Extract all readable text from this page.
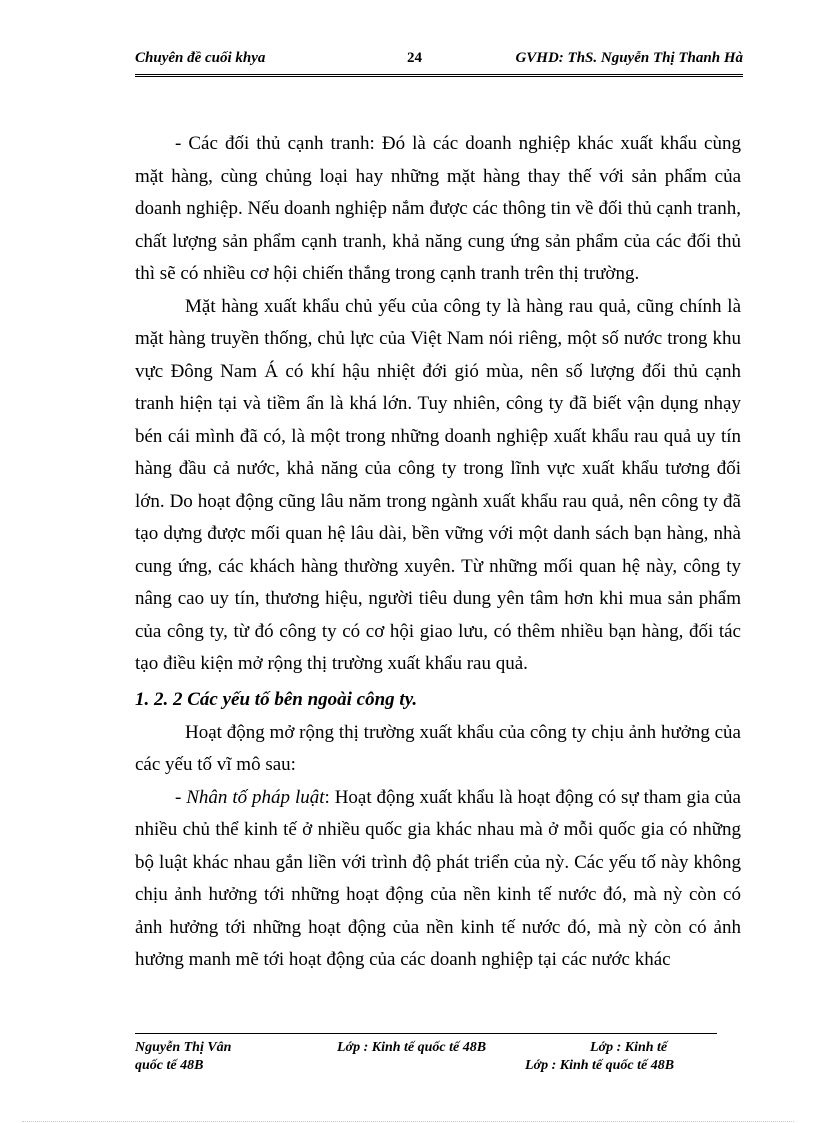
Chuyên đề cuối khya	24	GVHD: ThS. Nguyễn Thị Thanh Hà

- Các đối thủ cạnh tranh: Đó là các doanh nghiệp khác xuất khẩu cùng mặt hàng, cùng chủng loại hay những mặt hàng thay thế với sản phẩm của doanh nghiệp. Nếu doanh nghiệp nắm được các thông tin về đối thủ cạnh tranh, chất lượng sản phẩm cạnh tranh, khả năng cung ứng sản phẩm của các đối thủ thì sẽ có nhiều cơ hội chiến thắng trong cạnh tranh trên thị trường.

Mặt hàng xuất khẩu chủ yếu của công ty là hàng rau quả, cũng chính là mặt hàng truyền thống, chủ lực của Việt Nam nói riêng, một số nước trong khu vực Đông Nam Á có khí hậu nhiệt đới gió mùa, nên số lượng đối thủ cạnh tranh hiện tại và tiềm ẩn là khá lớn. Tuy nhiên, công ty đã biết vận dụng nhạy bén cái mình đã có, là một trong những doanh nghiệp xuất khẩu rau quả uy tín hàng đầu cả nước, khả năng của công ty trong lĩnh vực xuất khẩu tương đối lớn. Do hoạt động cũng lâu năm trong ngành xuất khẩu rau quả, nên công ty đã tạo dựng được mối quan hệ lâu dài, bền vững với một danh sách bạn hàng, nhà cung ứng, các khách hàng thường xuyên. Từ những mối quan hệ này, công ty nâng cao uy tín, thương hiệu, người tiêu dung yên tâm hơn khi mua sản phẩm của công ty, từ đó công ty có cơ hội giao lưu, có thêm nhiều bạn hàng, đối tác tạo điều kiện mở rộng thị trường xuất khẩu rau quả.

1. 2. 2 Các yếu tố bên ngoài công ty.

Hoạt động mở rộng thị trường xuất khẩu của công ty chịu ảnh hưởng của các yếu tố vĩ mô sau:

- Nhân tố pháp luật: Hoạt động xuất khẩu là hoạt động có sự tham gia của nhiều chủ thể kinh tế ở nhiều quốc gia khác nhau mà ở mỗi quốc gia có những bộ luật khác nhau gắn liền với trình độ phát triển của nỳ. Các yếu tố này không chịu ảnh hưởng tới những hoạt động của nền kinh tế nước đó, mà nỳ còn có ảnh hưởng tới những hoạt động của nền kinh tế nước đó, mà nỳ còn có ảnh hưởng manh mẽ tới hoạt động của các doanh nghiệp tại các nước khác

Nguyễn Thị Vân	Lớp : Kinh tế quốc tế 48B	Lớp : Kinh tế
quốc tế 48B	Lớp : Kinh tế quốc tế 48B
